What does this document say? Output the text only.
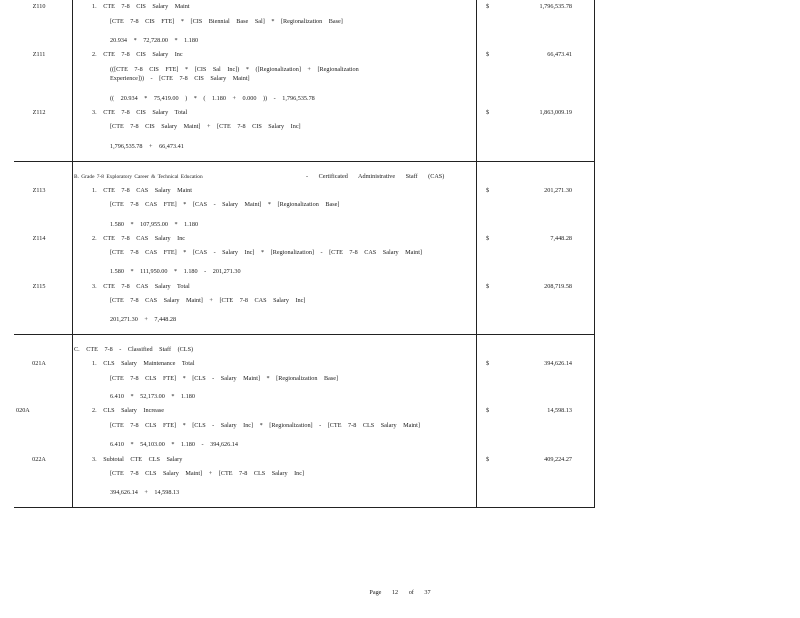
Z110	1. CTE 7-8 CIS Salary Maint
[CTE 7-8 CIS FTE] * [CIS Biennial Base Sal] * [Regionalization Base]
20.934 * 72,728.00 * 1.180
$	1,796,535.78
Z111	2. CTE 7-8 CIS Salary Inc
(([CTE 7-8 CIS FTE] * [CIS Sal Inc]) * ([Regionalization] + [Regionalization
Experience])) - [CTE 7-8 CIS Salary Maint]
(( 20.934 * 75,419.00 ) * ( 1.180 + 0.000 )) - 1,796,535.78
$	66,473.41
Z112	3. CTE 7-8 CIS Salary Total
[CTE 7-8 CIS Salary Maint] + [CTE 7-8 CIS Salary Inc]
1,796,535.78 + 66,473.41
$	1,863,009.19
B. Grade 7-8 Exploratory Career & Technical Education	- Certificated Administrative Staff (CAS)
Z113	1. CTE 7-8 CAS Salary Maint
[CTE 7-8 CAS FTE] * [CAS - Salary Maint] * [Regionalization Base]
1.580 * 107,955.00 * 1.180
$	201,271.30
Z114	2. CTE 7-8 CAS Salary Inc
[CTE 7-8 CAS FTE] * [CAS - Salary Inc] * [Regionalization] - [CTE 7-8 CAS Salary Maint]
1.580 * 111,950.00 * 1.180 - 201,271.30
$	7,448.28
Z115	3. CTE 7-8 CAS Salary Total
[CTE 7-8 CAS Salary Maint] + [CTE 7-8 CAS Salary Inc]
201,271.30 + 7,448.28
$	208,719.58
C. CTE 7-8 - Classified Staff (CLS)
021A	1. CLS Salary Maintenance Total
[CTE 7-8 CLS FTE] * [CLS - Salary Maint] * [Regionalization Base]
6.410 * 52,173.00 * 1.180
$	394,626.14
020A	2. CLS Salary Increase
[CTE 7-8 CLS FTE] * [CLS - Salary Inc] * [Regionalization] - [CTE 7-8 CLS Salary Maint]
6.410 * 54,103.00 * 1.180 - 394,626.14
$	14,598.13
022A	3. Subtotal CTE CLS Salary
[CTE 7-8 CLS Salary Maint] + [CTE 7-8 CLS Salary Inc]
394,626.14 + 14,598.13
$	409,224.27
Page 12 of 37
